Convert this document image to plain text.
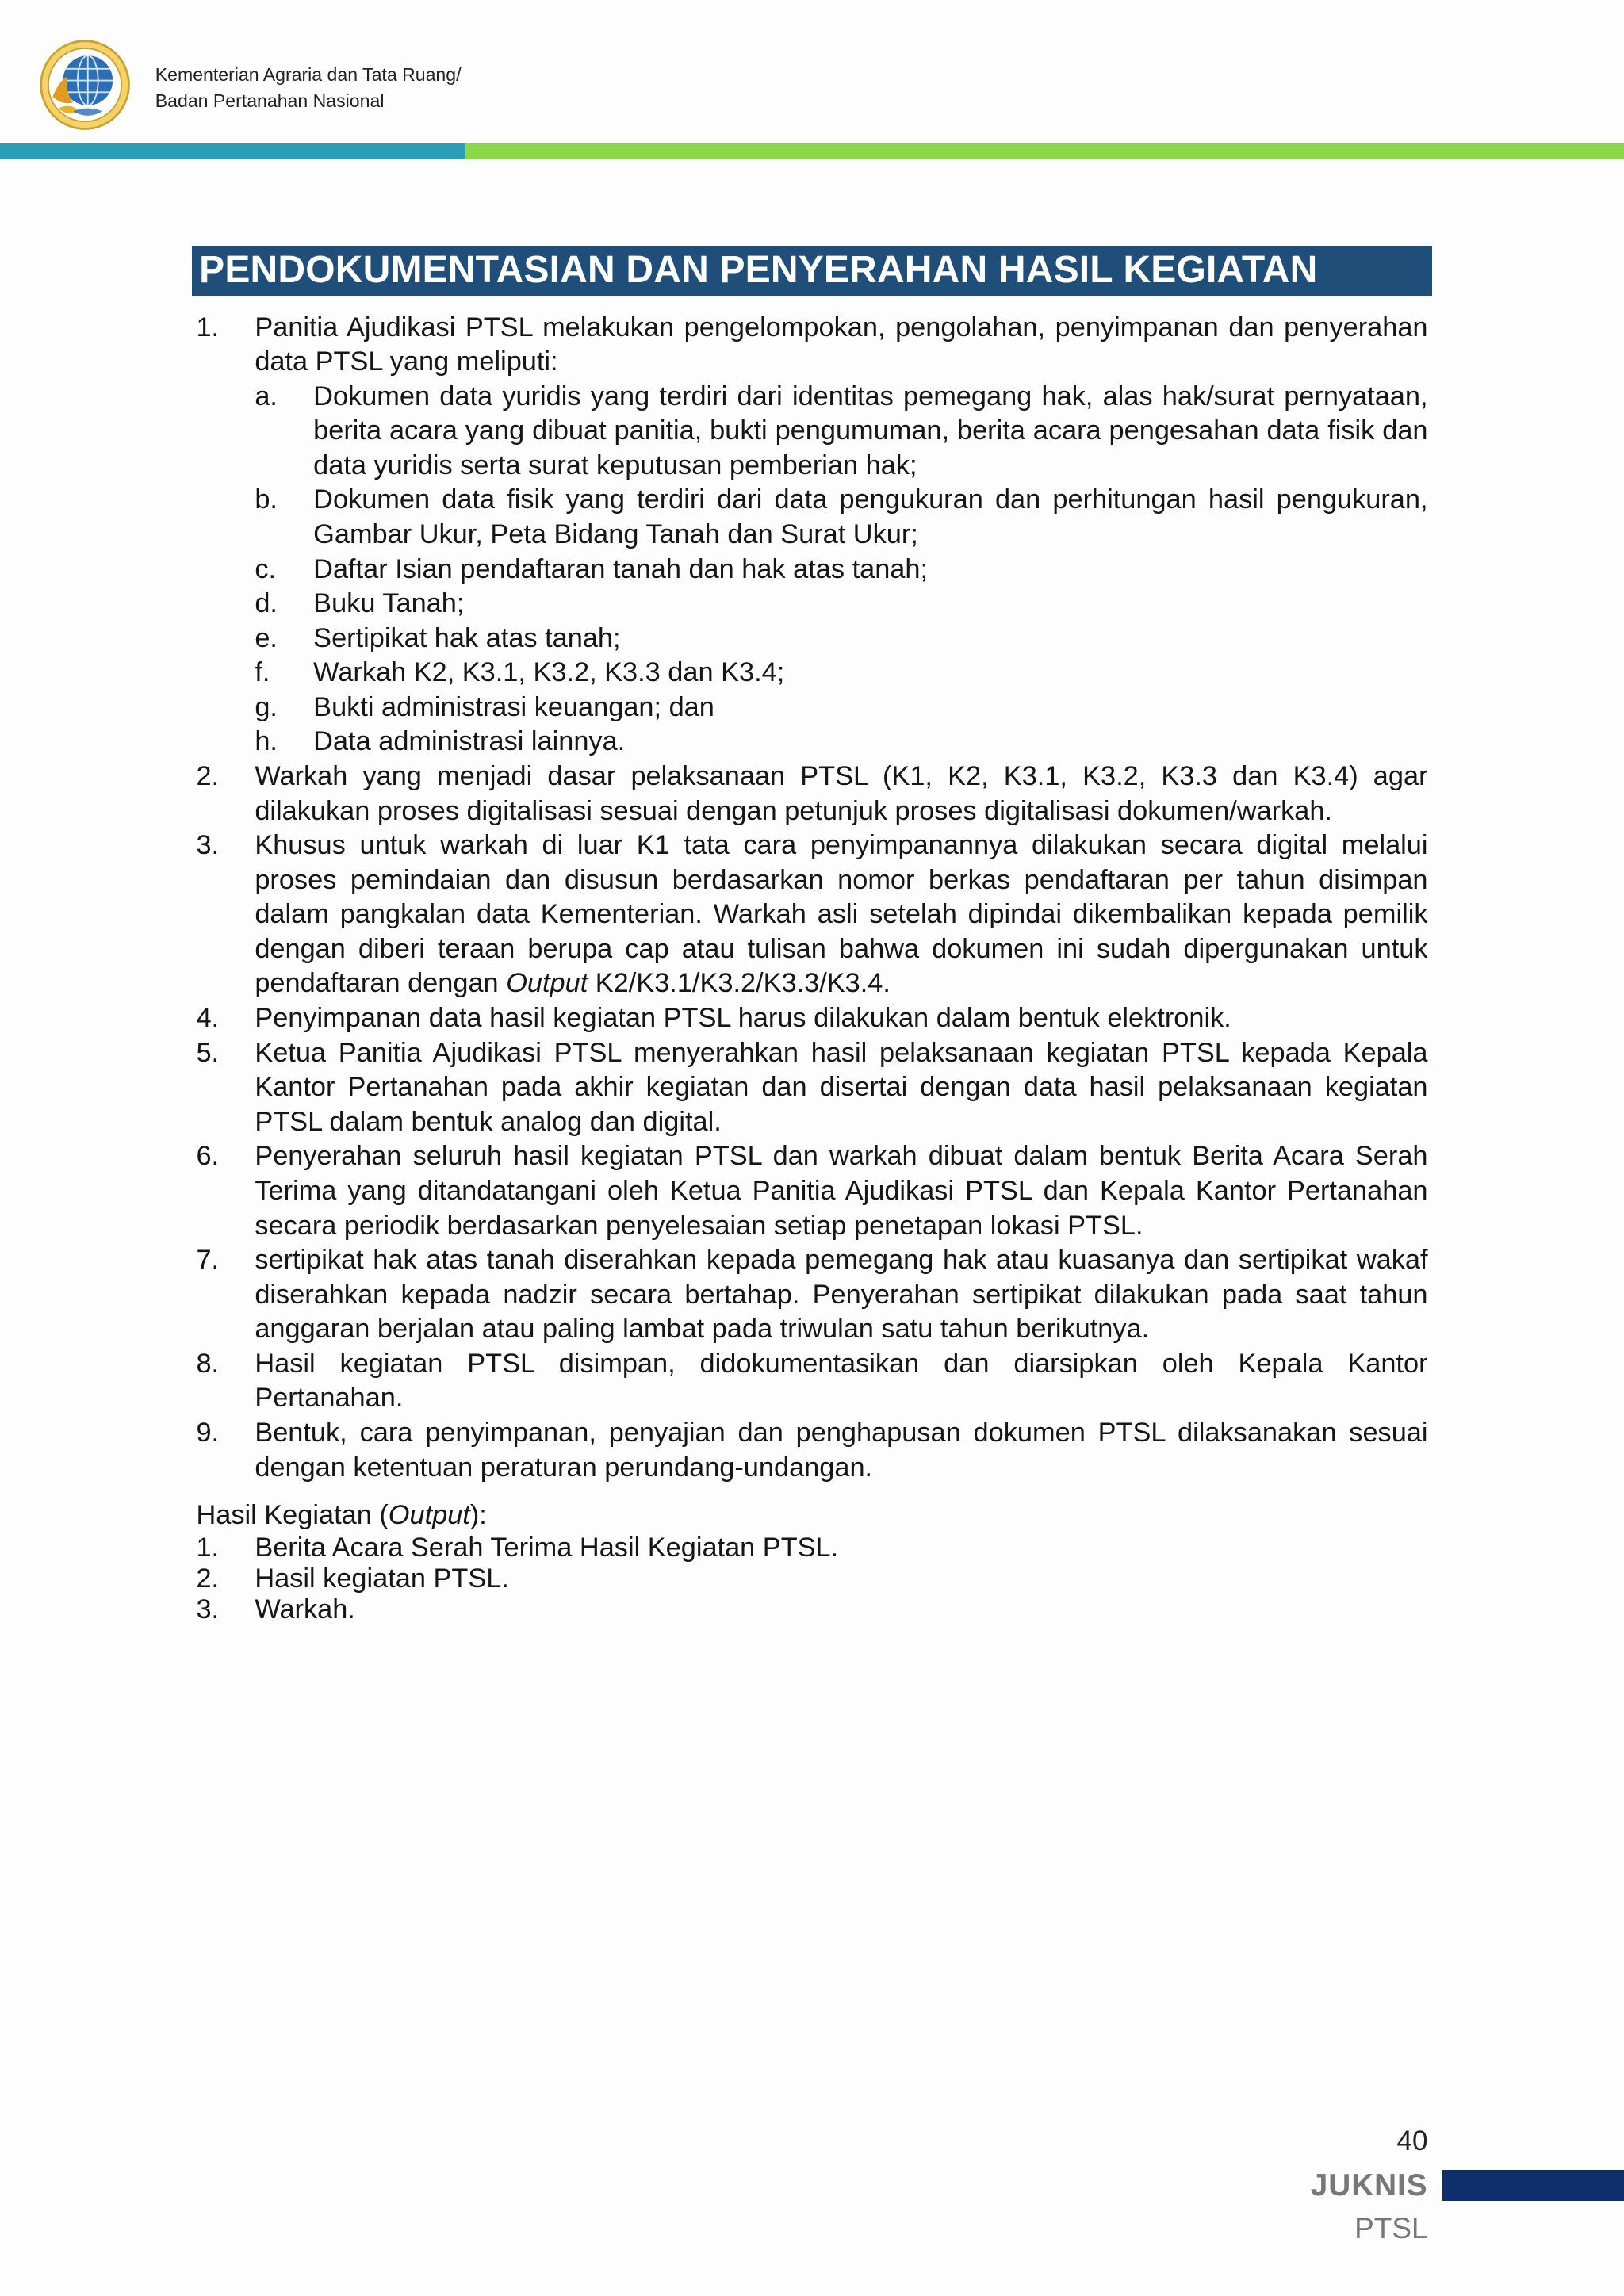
Kementerian Agraria dan Tata Ruang/
Badan Pertanahan Nasional
PENDOKUMENTASIAN DAN PENYERAHAN HASIL KEGIATAN
1. Panitia Ajudikasi PTSL melakukan pengelompokan, pengolahan, penyimpanan dan penyerahan data PTSL yang meliputi:
a. Dokumen data yuridis yang terdiri dari identitas pemegang hak, alas hak/surat pernyataan, berita acara yang dibuat panitia, bukti pengumuman, berita acara pengesahan data fisik dan data yuridis serta surat keputusan pemberian hak;
b. Dokumen data fisik yang terdiri dari data pengukuran dan perhitungan hasil pengukuran, Gambar Ukur, Peta Bidang Tanah dan Surat Ukur;
c.	Daftar Isian pendaftaran tanah dan hak atas tanah;
d. Buku Tanah;
e. Sertipikat hak atas tanah;
f.	Warkah K2, K3.1, K3.2, K3.3 dan K3.4;
g. Bukti administrasi keuangan; dan
h. Data administrasi lainnya.
2. Warkah yang menjadi dasar pelaksanaan PTSL (K1, K2, K3.1, K3.2, K3.3 dan K3.4) agar dilakukan proses digitalisasi sesuai dengan petunjuk proses digitalisasi dokumen/warkah.
3. Khusus untuk warkah di luar K1 tata cara penyimpanannya dilakukan secara digital melalui proses pemindaian dan disusun berdasarkan nomor berkas pendaftaran per tahun disimpan dalam pangkalan data Kementerian. Warkah asli setelah dipindai dikembalikan kepada pemilik dengan diberi teraan berupa cap atau tulisan bahwa dokumen ini sudah dipergunakan untuk pendaftaran dengan Output K2/K3.1/K3.2/K3.3/K3.4.
4. Penyimpanan data hasil kegiatan PTSL harus dilakukan dalam bentuk elektronik.
5. Ketua Panitia Ajudikasi PTSL menyerahkan hasil pelaksanaan kegiatan PTSL kepada Kepala Kantor Pertanahan pada akhir kegiatan dan disertai dengan data hasil pelaksanaan kegiatan PTSL dalam bentuk analog dan digital.
6. Penyerahan seluruh hasil kegiatan PTSL dan warkah dibuat dalam bentuk Berita Acara Serah Terima yang ditandatangani oleh Ketua Panitia Ajudikasi PTSL dan Kepala Kantor Pertanahan secara periodik berdasarkan penyelesaian setiap penetapan lokasi PTSL.
7. sertipikat hak atas tanah diserahkan kepada pemegang hak atau kuasanya dan sertipikat wakaf diserahkan kepada nadzir secara bertahap. Penyerahan sertipikat dilakukan pada saat tahun anggaran berjalan atau paling lambat pada triwulan satu tahun berikutnya.
8. Hasil kegiatan PTSL disimpan, didokumentasikan dan diarsipkan oleh Kepala Kantor Pertanahan.
9. Bentuk, cara penyimpanan, penyajian dan penghapusan dokumen PTSL dilaksanakan sesuai dengan ketentuan peraturan perundang-undangan.
Hasil Kegiatan (Output):
1. Berita Acara Serah Terima Hasil Kegiatan PTSL.
2. Hasil kegiatan PTSL.
3. Warkah.
40
JUKNIS
PTSL
